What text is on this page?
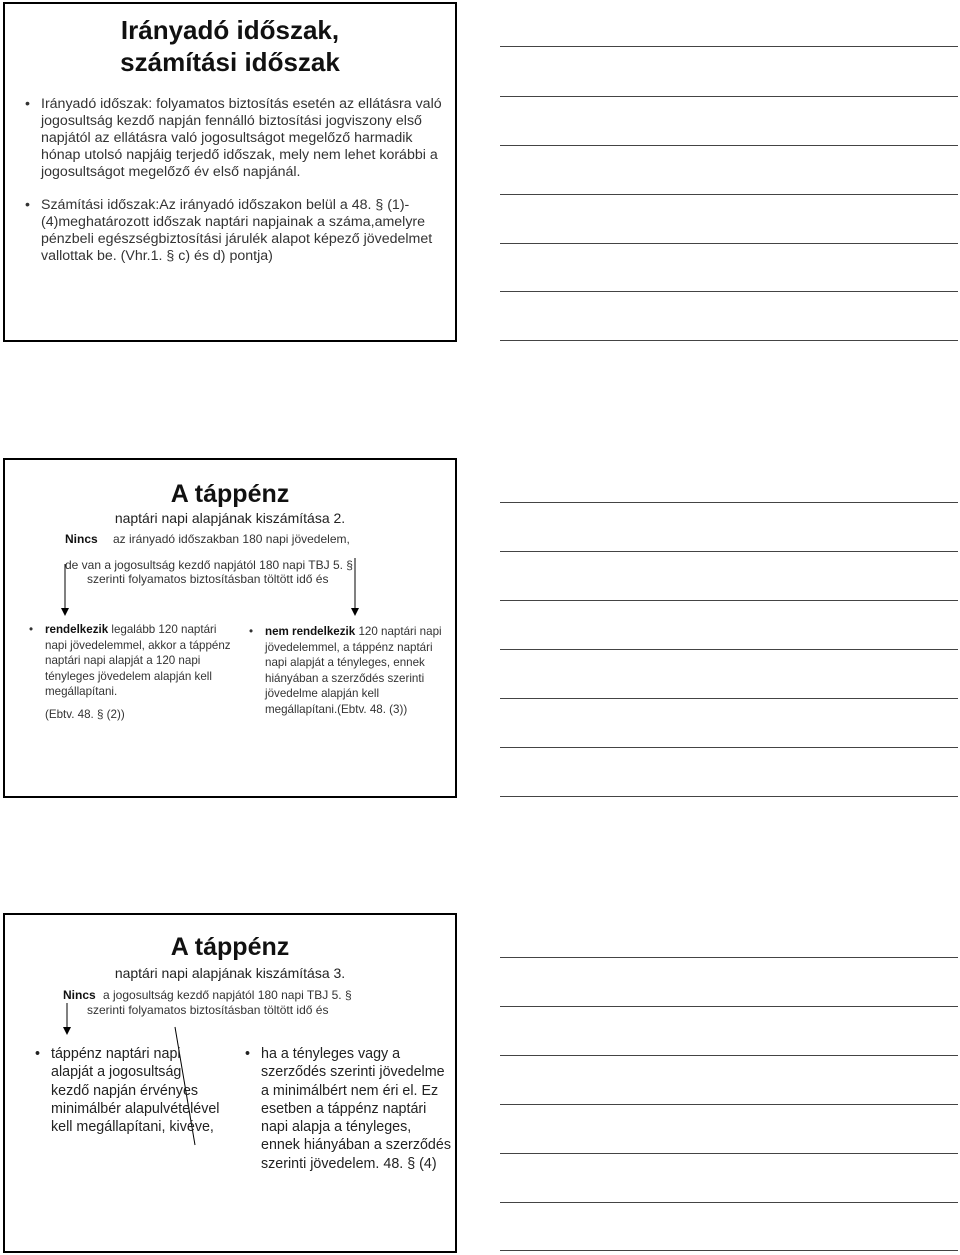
Irányadó időszak,
számítási időszak
• Irányadó időszak: folyamatos biztosítás esetén az ellátásra való jogosultság kezdő napján fennálló biztosítási jogviszony első napjától az ellátásra való jogosultságot megelőző harmadik hónap utolsó napjáig terjedő időszak, mely nem lehet korábbi a jogosultságot megelőző év első napjánál.
• Számítási időszak:Az irányadó időszakon belül a 48. § (1)-(4)meghatározott időszak naptári napjainak a száma,amelyre pénzbeli egészségbiztosítási járulék alapot képező jövedelmet vallottak be. (Vhr.1. § c) és d) pontja)
A táppénz
naptári napi alapjának kiszámítása 2.
Nincs az irányadó időszakban 180 napi jövedelem,
de van a jogosultság kezdő napjától 180 napi TBJ 5. §
szerinti folyamatos biztosításban töltött idő és
• rendelkezik legalább 120 naptári napi jövedelemmel, akkor a táppénz naptári napi alapját a 120 napi tényleges jövedelem alapján kell megállapítani.
(Ebtv. 48. § (2))
• nem rendelkezik 120 naptári napi jövedelemmel, a táppénz naptári napi alapját a tényleges, ennek hiányában a szerződés szerinti jövedelme alapján kell megállapítani.(Ebtv. 48. (3))
A táppénz
naptári napi alapjának kiszámítása 3.
Nincs a jogosultság kezdő napjától 180 napi TBJ 5. §
szerinti folyamatos biztosításban töltött idő és
• táppénz naptári napi alapját a jogosultság kezdő napján érvényes minimálbér alapulvételével kell megállapítani, kivéve,
• ha a tényleges vagy a szerződés szerinti jövedelme a minimálbért nem éri el. Ez esetben a táppénz naptári napi alapja a tényleges, ennek hiányában a szerződés szerinti jövedelem. 48. § (4)
